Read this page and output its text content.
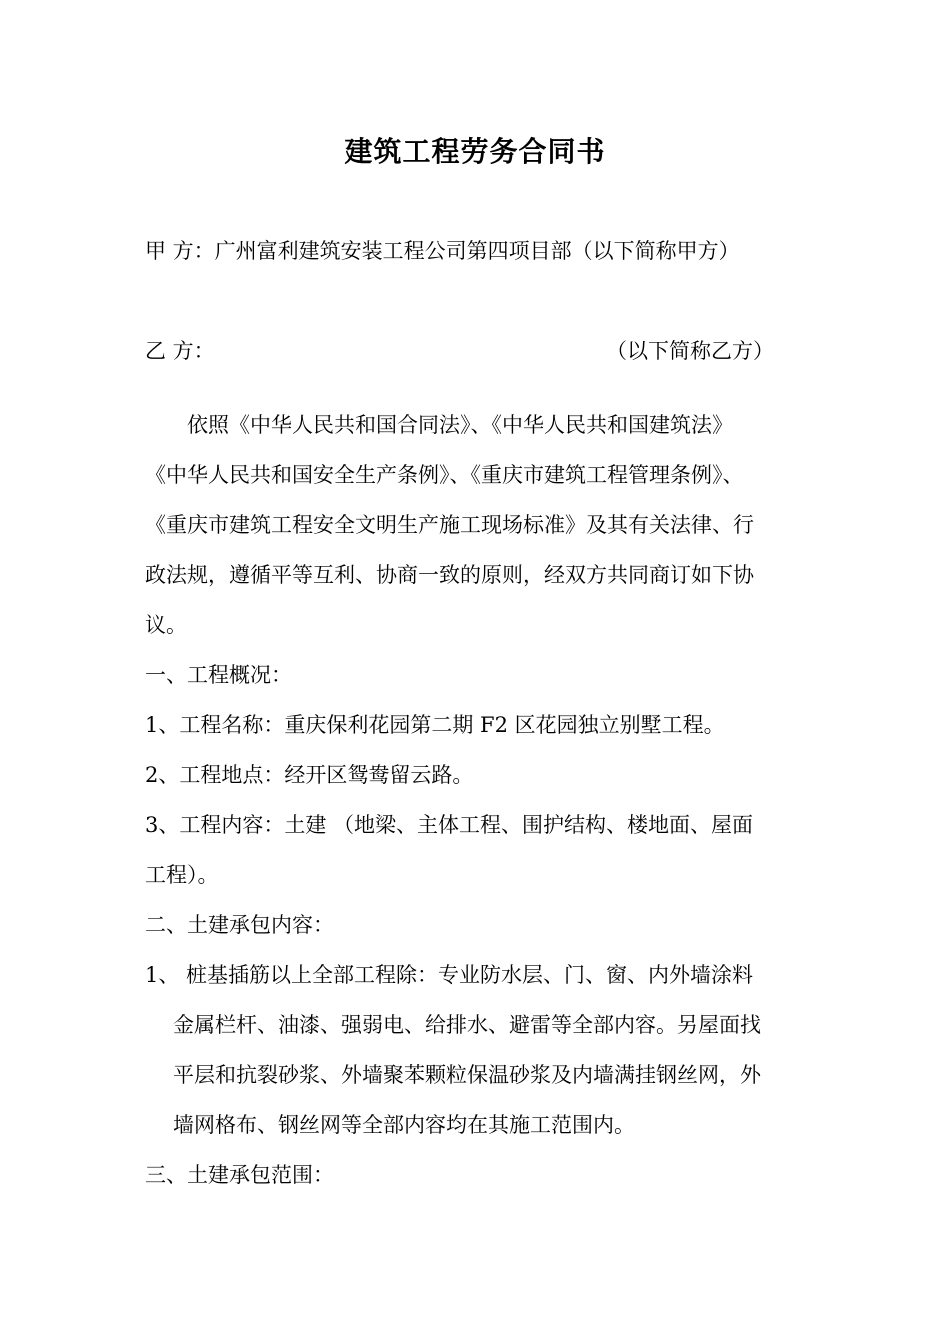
建筑工程劳务合同书
甲 方：广州富利建筑安装工程公司第四项目部（以下简称甲方）
乙 方：	（以下简称乙方）
依照《中华人民共和国合同法》、《中华人民共和国建筑法》
《中华人民共和国安全生产条例》、《重庆市建筑工程管理条例》、
《重庆市建筑工程安全文明生产施工现场标准》及其有关法律、行
政法规，遵循平等互利、协商一致的原则，经双方共同商订如下协
议。
一、工程概况：
1、工程名称：重庆保利花园第二期 F2 区花园独立别墅工程。
2、工程地点：经开区鸳鸯留云路。
3、工程内容：土建 （地梁、主体工程、围护结构、楼地面、屋面
工程）。
二、土建承包内容：
1、 桩基插筋以上全部工程除：专业防水层、门、窗、内外墙涂料
金属栏杆、油漆、强弱电、给排水、避雷等全部内容。另屋面找
平层和抗裂砂浆、外墙聚苯颗粒保温砂浆及内墙满挂钢丝网，外
墙网格布、钢丝网等全部内容均在其施工范围内。
三、土建承包范围：
